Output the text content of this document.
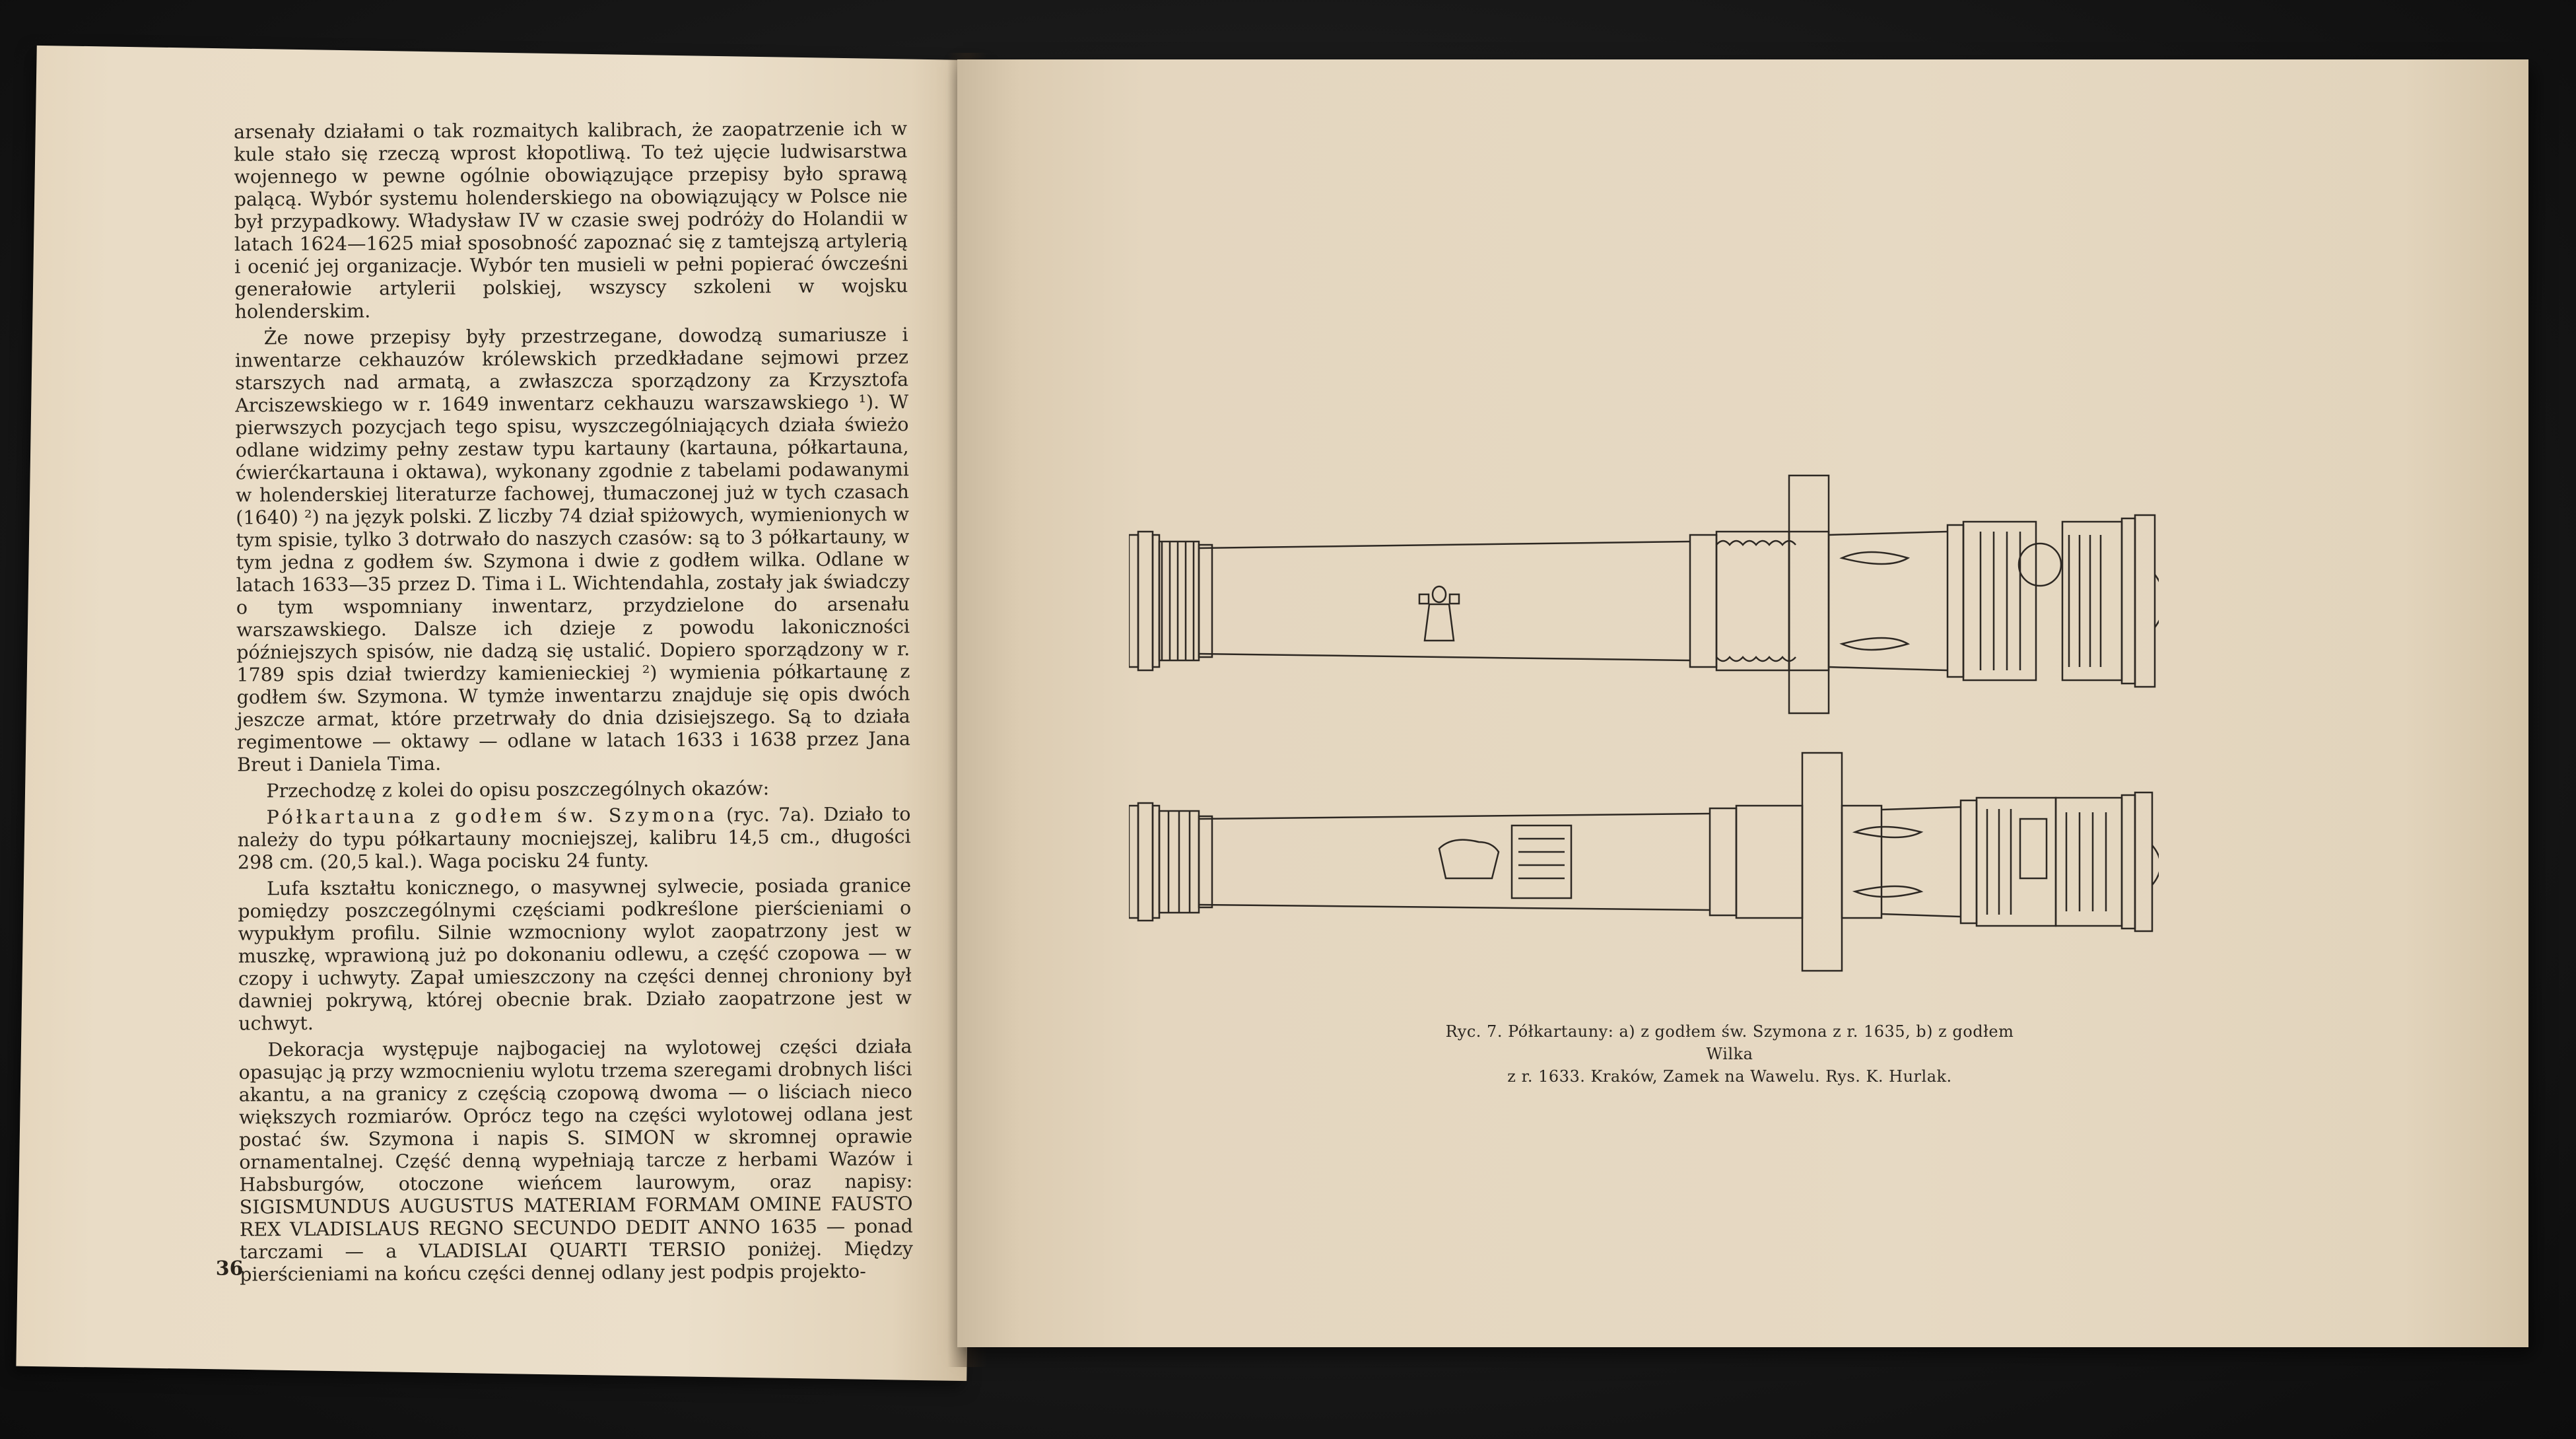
arsenały działami o tak rozmaitych kalibrach, że zaopatrzenie ich w kule stało się rzeczą wprost kłopotliwą. To też ujęcie ludwisarstwa wojennego w pewne ogólnie obowiązujące przepisy było sprawą palącą. Wybór systemu holenderskiego na obowiązujący w Polsce nie był przypadkowy. Władysław IV w czasie swej podróży do Holandii w latach 1624—1625 miał sposobność zapoznać się z tamtejszą artylerią i ocenić jej organizacje. Wybór ten musieli w pełni popierać ówcześni generałowie artylerii polskiej, wszyscy szkoleni w wojsku holenderskim.

Że nowe przepisy były przestrzegane, dowodzą sumariusze i inwentarze cekhauzów królewskich przedkładane sejmowi przez starszych nad armatą, a zwłaszcza sporządzony za Krzysztofa Arciszewskiego w r. 1649 inwentarz cekhauzu warszawskiego ¹). W pierwszych pozycjach tego spisu, wyszczególniających działa świeżo odlane widzimy pełny zestaw typu kartauny (kartauna, półkartauna, ćwierćkartauna i oktawa), wykonany zgodnie z tabelami podawanymi w holenderskiej literaturze fachowej, tłumaczonej już w tych czasach (1640) ²) na język polski. Z liczby 74 dział spiżowych, wymienionych w tym spisie, tylko 3 dotrwało do naszych czasów: są to 3 półkartauny, w tym jedna z godłem św. Szymona i dwie z godłem wilka. Odlane w latach 1633—35 przez D. Tima i L. Wichtendahla, zostały jak świadczy o tym wspomniany inwentarz, przydzielone do arsenału warszawskiego. Dalsze ich dzieje z powodu lakoniczności późniejszych spisów, nie dadzą się ustalić. Dopiero sporządzony w r. 1789 spis dział twierdzy kamienieckiej ²) wymienia półkartaunę z godłem św. Szymona. W tymże inwentarzu znajduje się opis dwóch jeszcze armat, które przetrwały do dnia dzisiejszego. Są to działa regimentowe — oktawy — odlane w latach 1633 i 1638 przez Jana Breut i Daniela Tima.

Przechodzę z kolei do opisu poszczególnych okazów:

Półkartauna z godłem św. Szymona (ryc. 7a). Działo to należy do typu półkartauny mocniejszej, kalibru 14,5 cm., długości 298 cm. (20,5 kal.). Waga pocisku 24 funty.

Lufa kształtu konicznego, o masywnej sylwecie, posiada granice pomiędzy poszczególnymi częściami podkreślone pierścieniami o wypukłym profilu. Silnie wzmocniony wylot zaopatrzony jest w muszkę, wprawioną już po dokonaniu odlewu, a część czopowa — w czopy i uchwyty. Zapał umieszczony na części dennej chroniony był dawniej pokrywą, której obecnie brak. Działo zaopatrzone jest w uchwyt.

Dekoracja występuje najbogaciej na wylotowej części działa opasując ją przy wzmocnieniu wylotu trzema szeregami drobnych liści akantu, a na granicy z częścią czopową dwoma — o liściach nieco większych rozmiarów. Oprócz tego na części wylotowej odlana jest postać św. Szymona i napis S. SIMON w skromnej oprawie ornamentalnej. Część denną wypełniają tarcze z herbami Wazów i Habsburgów, otoczone wieńcem laurowym, oraz napisy: SIGISMUNDUS AUGUSTUS MATERIAM FORMAM OMINE FAUSTO REX VLADISLAUS REGNO SECUNDO DEDIT ANNO 1635 — ponad tarczami — a VLADISLAI QUARTI TERSIO poniżej. Między pierścieniami na końcu części dennej odlany jest podpis projekto-

36
Ryc. 7. Półkartauny: a) z godłem św. Szymona z r. 1635, b) z godłem Wilka
z r. 1633. Kraków, Zamek na Wawelu. Rys. K. Hurlak.
